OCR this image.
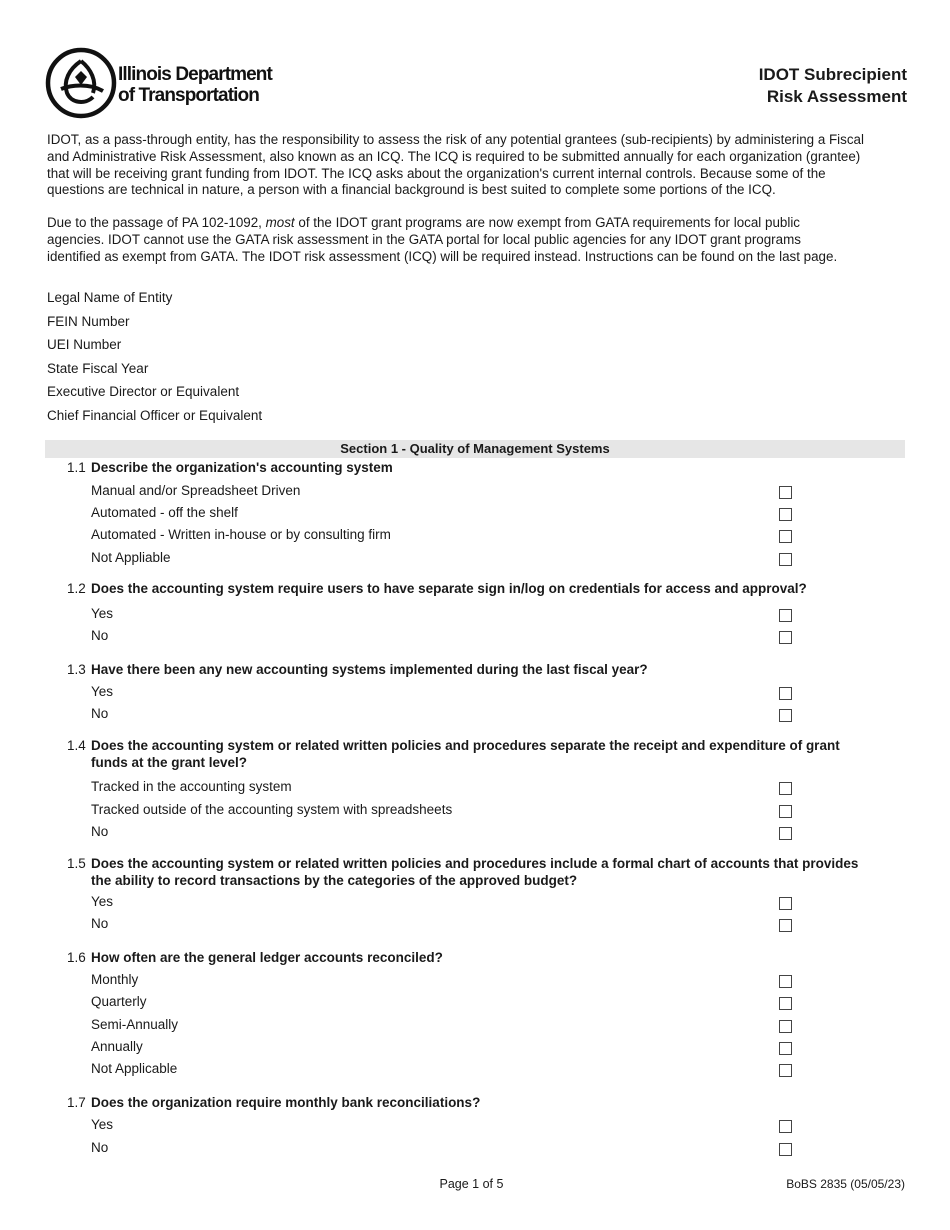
Illinois Department
of Transportation
IDOT Subrecipient
Risk Assessment
IDOT, as a pass-through entity, has the responsibility to assess the risk of any potential grantees (sub-recipients) by administering a Fiscal
and Administrative Risk Assessment, also known as an ICQ. The ICQ is required to be submitted annually for each organization (grantee)
that will be receiving grant funding from IDOT. The ICQ asks about the organization's current internal controls. Because some of the
questions are technical in nature, a person with a financial background is best suited to complete some portions of the ICQ.
Due to the passage of PA 102-1092, most of the IDOT grant programs are now exempt from GATA requirements for local public
agencies. IDOT cannot use the GATA risk assessment in the GATA portal for local public agencies for any IDOT grant programs
identified as exempt from GATA. The IDOT risk assessment (ICQ) will be required instead. Instructions can be found on the last page.
Legal Name of Entity
FEIN Number
UEI Number
State Fiscal Year
Executive Director or Equivalent
Chief Financial Officer or Equivalent
Section 1 - Quality of Management Systems
1.1 Describe the organization's accounting system
Manual and/or Spreadsheet Driven
Automated - off the shelf
Automated - Written in-house or by consulting firm
Not Appliable
1.2 Does the accounting system require users to have separate sign in/log on credentials for access and approval?
Yes
No
1.3 Have there been any new accounting systems implemented during the last fiscal year?
Yes
No
1.4 Does the accounting system or related written policies and procedures separate the receipt and expenditure of grant
funds at the grant level?
Tracked in the accounting system
Tracked outside of the accounting system with spreadsheets
No
1.5 Does the accounting system or related written policies and procedures include a formal chart of accounts that provides
the ability to record transactions by the categories of the approved budget?
Yes
No
1.6 How often are the general ledger accounts reconciled?
Monthly
Quarterly
Semi-Annually
Annually
Not Applicable
1.7 Does the organization require monthly bank reconciliations?
Yes
No
Page 1 of 5	BoBS 2835 (05/05/23)
